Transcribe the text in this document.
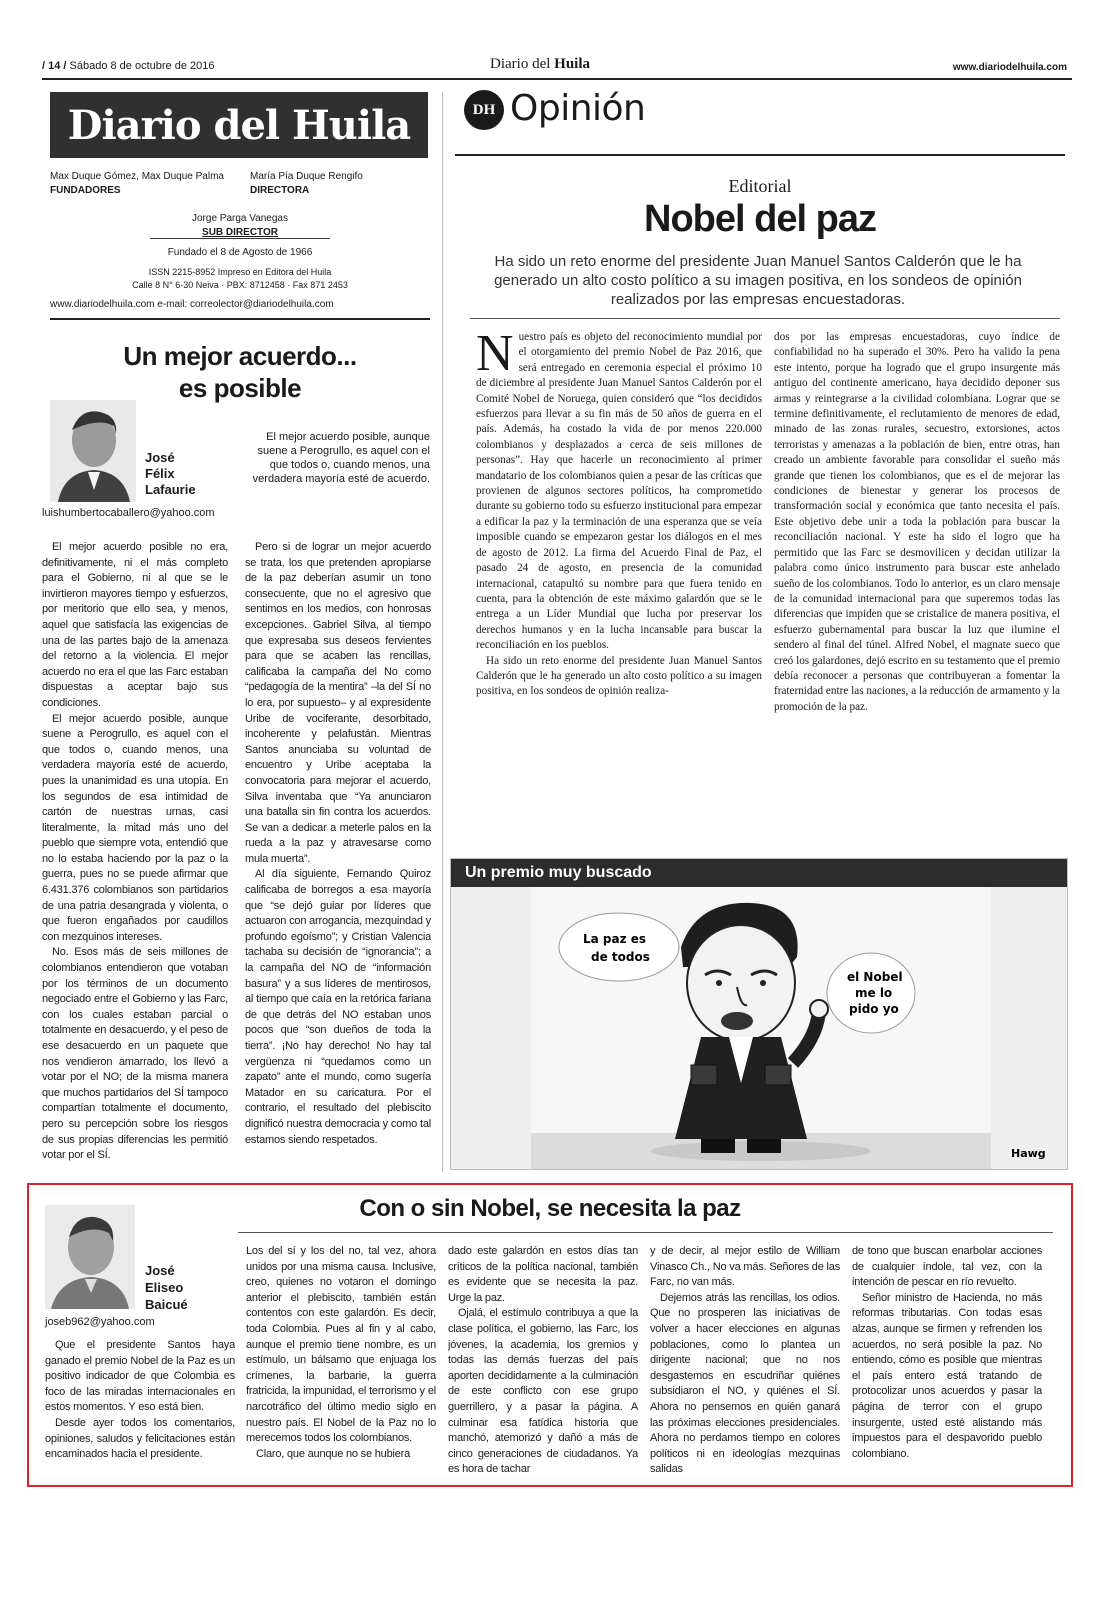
/ 14 / Sábado 8 de octubre de 2016	Diario del Huila	www.diariodelhuila.com
Diario del Huila
Max Duque Gómez, Max Duque Palma
FUNDADORES
María Pía Duque Rengifo
DIRECTORA
Jorge Parga Vanegas
SUB DIRECTOR
Fundado el 8 de Agosto de 1966
ISSN 2215-8952 Impreso en Editora del Huila
Calle 8 N° 6-30 Neiva · PBX: 8712458 · Fax 871 2453
www.diariodelhuila.com e-mail: correolector@diariodelhuila.com
DH Opinión
Editorial
Nobel del paz
Ha sido un reto enorme del presidente Juan Manuel Santos Calderón que le ha generado un alto costo político a su imagen positiva, en los sondeos de opinión realizados por las empresas encuestadoras.

Nuestro país es objeto del reconocimiento mundial por el otorgamiento del premio Nobel de Paz 2016, que será entregado en ceremonia especial el próximo 10 de diciembre al presidente Juan Manuel Santos Calderón por el Comité Nobel de Noruega, quien consideró que “los decididos esfuerzos para llevar a su fin más de 50 años de guerra en el país. Además, ha costado la vida de por menos 220.000 colombianos y desplazados a cerca de seis millones de personas”. Hay que hacerle un reconocimiento al primer mandatario de los colombianos quien a pesar de las críticas que provienen de algunos sectores políticos, ha comprometido durante su gobierno todo su esfuerzo institucional para empezar a edificar la paz y la terminación de una esperanza que se veía imposible cuando se empezaron gestar los diálogos en el mes de agosto de 2012. La firma del Acuerdo Final de Paz, el pasado 24 de agosto, en presencia de la comunidad internacional, catapultó su nombre para que fuera tenido en cuenta, para la obtención de este máximo galardón que se le entrega a un Líder Mundial que lucha por preservar los derechos humanos y en la lucha incansable para buscar la reconciliación en los pueblos.

Ha sido un reto enorme del presidente Juan Manuel Santos Calderón que le ha generado un alto costo político a su imagen positiva, en los sondeos de opinión realiza-

dos por las empresas encuestadoras, cuyo índice de confiabilidad no ha superado el 30%. Pero ha valido la pena este intento, porque ha logrado que el grupo insurgente más antiguo del continente americano, haya decidido deponer sus armas y reintegrarse a la civilidad colombiana. Lograr que se termine definitivamente, el reclutamiento de menores de edad, minado de las zonas rurales, secuestro, extorsiones, actos terroristas y amenazas a la población de bien, entre otras, han creado un ambiente favorable para consolidar el sueño más grande que tienen los colombianos, que es el de mejorar las condiciones de bienestar y generar los procesos de transformación social y económica que tanto necesita el país. Este objetivo debe unir a toda la población para buscar la reconciliación nacional. Y este ha sido el logro que ha permitido que las Farc se desmovilicen y decidan utilizar la palabra como único instrumento para buscar este anhelado sueño de los colombianos. Todo lo anterior, es un claro mensaje de la comunidad internacional para que superemos todas las diferencias que impiden que se cristalice de manera positiva, el esfuerzo gubernamental para buscar la luz que ilumine el sendero al final del túnel. Alfred Nobel, el magnate sueco que creó los galardones, dejó escrito en su testamento que el premio debía reconocer a personas que contribuyeran a fomentar la fraternidad entre las naciones, a la reducción de armamento y la promoción de la paz.

Un premio muy buscado
La paz es
de todos
el Nobel
me lo
pido yo
Hawg
Un mejor acuerdo...
es posible
José
Félix
Lafaurie
El mejor acuerdo posible, aunque suene a Perogrullo, es aquel con el que todos o, cuando menos, una verdadera mayoría esté de acuerdo.
luishumbertocaballero@yahoo.com

El mejor acuerdo posible no era, definitivamente, ni el más completo para el Gobierno, ni al que se le invirtieron mayores tiempo y esfuerzos, por meritorio que ello sea, y menos, aquel que satisfacía las exigencias de una de las partes bajo de la amenaza del retorno a la violencia. El mejor acuerdo no era el que las Farc estaban dispuestas a aceptar bajo sus condiciones.

El mejor acuerdo posible, aunque suene a Perogrullo, es aquel con el que todos o, cuando menos, una verdadera mayoría esté de acuerdo, pues la unanimidad es una utopía. En los segundos de esa intimidad de cartón de nuestras urnas, casi literalmente, la mitad más uno del pueblo que siempre vota, entendió que no lo estaba haciendo por la paz o la guerra, pues no se puede afirmar que 6.431.376 colombianos son partidarios de una patria desangrada y violenta, o que fueron engañados por caudillos con mezquinos intereses.

No. Esos más de seis millones de colombianos entendieron que votaban por los términos de un documento negociado entre el Gobierno y las Farc, con los cuales estaban parcial o totalmente en desacuerdo, y el peso de ese desacuerdo en un paquete que nos vendieron amarrado, los llevó a votar por el NO; de la misma manera que muchos partidarios del SÍ tampoco compartían totalmente el documento, pero su percepción sobre los riesgos de sus propias diferencias les permitió votar por el SÍ.

Pero si de lograr un mejor acuerdo se trata, los que pretenden apropiarse de la paz deberían asumir un tono consecuente, que no el agresivo que sentimos en los medios, con honrosas excepciones. Gabriel Silva, al tiempo que expresaba sus deseos fervientes para que se acaben las rencillas, calificaba la campaña del No como “pedagogía de la mentira” –la del SÍ no lo era, por supuesto– y al expresidente Uribe de vociferante, desorbitado, incoherente y pelafustán. Mientras Santos anunciaba su voluntad de encuentro y Uribe aceptaba la convocatoria para mejorar el acuerdo, Silva inventaba que “Ya anunciaron una batalla sin fin contra los acuerdos. Se van a dedicar a meterle palos en la rueda a la paz y atravesarse como mula muerta”.

Al día siguiente, Fernando Quiroz calificaba de borregos a esa mayoría que “se dejó guiar por líderes que actuaron con arrogancia, mezquindad y profundo egoísmo”; y Cristian Valencia tachaba su decisión de “ignorancia”; a la campaña del NO de “información basura” y a sus líderes de mentirosos, al tiempo que caía en la retórica fariana de que detrás del NO estaban unos pocos que “son dueños de toda la tierra”. ¡No hay derecho! No hay tal vergüenza ni “quedamos como un zapato” ante el mundo, como sugería Matador en su caricatura. Por el contrario, el resultado del plebiscito dignificó nuestra democracia y como tal estamos siendo respetados.

Con o sin Nobel, se necesita la paz
José
Eliseo
Baicué
joseb962@yahoo.com

Que el presidente Santos haya ganado el premio Nobel de la Paz es un positivo indicador de que Colombia es foco de las miradas internacionales en estos momentos. Y eso está bien.

Desde ayer todos los comentarios, opiniones, saludos y felicitaciones están encaminados hacia el presidente.

Los del sí y los del no, tal vez, ahora unidos por una misma causa. Inclusive, creo, quienes no votaron el domingo anterior el plebiscito, también están contentos con este galardón. Es decir, toda Colombia. Pues al fin y al cabo, aunque el premio tiene nombre, es un estímulo, un bálsamo que enjuaga los crímenes, la barbarie, la guerra fratricida, la impunidad, el terrorismo y el narcotráfico del último medio siglo en nuestro país. El Nobel de la Paz no lo merecemos todos los colombianos.

Claro, que aunque no se hubiera

dado este galardón en estos días tan críticos de la política nacional, también es evidente que se necesita la paz. Urge la paz.

Ojalá, el estímulo contribuya a que la clase política, el gobierno, las Farc, los jóvenes, la academia, los gremios y todas las demás fuerzas del país aporten decididamente a la culminación de este conflicto con ese grupo guerrillero, y a pasar la página. A culminar esa fatídica historia que manchó, atemorizó y dañó a más de cinco generaciones de ciudadanos. Ya es hora de tachar

y de decir, al mejor estilo de William Vinasco Ch., No va más. Señores de las Farc, no van más.

Dejemos atrás las rencillas, los odios. Que no prosperen las iniciativas de volver a hacer elecciones en algunas poblaciones, como lo plantea un dirigente nacional; que no nos desgastemos en escudriñar quiénes subsidiaron el NO, y quiénes el SÍ. Ahora no pensemos en quién ganará las próximas elecciones presidenciales. Ahora no perdamos tiempo en colores políticos ni en ideologías mezquinas salidas

de tono que buscan enarbolar acciones de cualquier índole, tal vez, con la intención de pescar en río revuelto.

Señor ministro de Hacienda, no más reformas tributarias. Con todas esas alzas, aunque se firmen y refrenden los acuerdos, no será posible la paz. No entiendo, cómo es posible que mientras el país entero está tratando de protocolizar unos acuerdos y pasar la página de terror con el grupo insurgente, usted esté alistando más impuestos para el despavorido pueblo colombiano.
